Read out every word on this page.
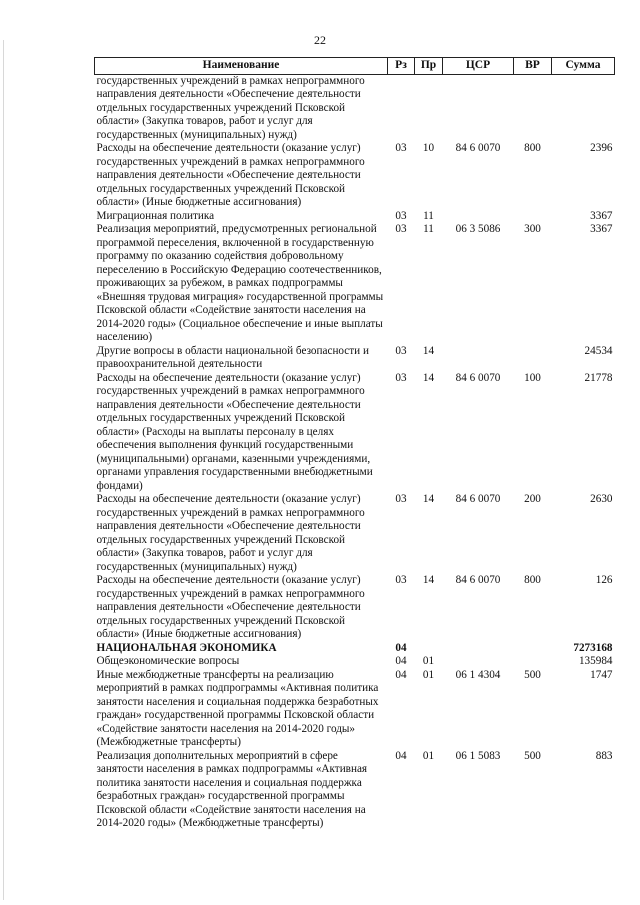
22
Наименование	Рз	Пр	ЦСР	ВР	Сумма
государственных учреждений в рамках непрограммного направления деятельности «Обеспечение деятельности отдельных государственных учреждений Псковской области» (Закупка товаров, работ и услуг для государственных (муниципальных) нужд)					
Расходы на обеспечение деятельности (оказание услуг) государственных учреждений в рамках непрограммного направления деятельности «Обеспечение деятельности отдельных государственных учреждений Псковской области» (Иные бюджетные ассигнования)	03	10	84 6 0070	800	2396
Миграционная политика	03	11			3367
Реализация мероприятий, предусмотренных региональной программой переселения, включенной в государственную программу по оказанию содействия добровольному переселению в Российскую Федерацию соотечественников, проживающих за рубежом, в рамках подпрограммы «Внешняя трудовая миграция» государственной программы Псковской области «Содействие занятости населения на 2014-2020 годы» (Социальное обеспечение и иные выплаты населению)	03	11	06 3 5086	300	3367
Другие вопросы в области национальной безопасности и правоохранительной деятельности	03	14			24534
Расходы на обеспечение деятельности (оказание услуг) государственных учреждений в рамках непрограммного направления деятельности «Обеспечение деятельности отдельных государственных учреждений Псковской области» (Расходы на выплаты персоналу в целях обеспечения выполнения функций государственными (муниципальными) органами, казенными учреждениями, органами управления государственными внебюджетными фондами)	03	14	84 6 0070	100	21778
Расходы на обеспечение деятельности (оказание услуг) государственных учреждений в рамках непрограммного направления деятельности «Обеспечение деятельности отдельных государственных учреждений Псковской области» (Закупка товаров, работ и услуг для государственных (муниципальных) нужд)	03	14	84 6 0070	200	2630
Расходы на обеспечение деятельности (оказание услуг) государственных учреждений в рамках непрограммного направления деятельности «Обеспечение деятельности отдельных государственных учреждений Псковской области» (Иные бюджетные ассигнования)	03	14	84 6 0070	800	126
НАЦИОНАЛЬНАЯ ЭКОНОМИКА	04				7273168
Общеэкономические вопросы	04	01			135984
Иные межбюджетные трансферты на реализацию мероприятий в рамках подпрограммы «Активная политика занятости населения и социальная поддержка безработных граждан» государственной программы Псковской области «Содействие занятости населения на 2014-2020 годы» (Межбюджетные трансферты)	04	01	06 1 4304	500	1747
Реализация дополнительных мероприятий в сфере занятости населения в рамках подпрограммы «Активная политика занятости населения и социальная поддержка безработных граждан» государственной программы Псковской области «Содействие занятости населения на 2014-2020 годы» (Межбюджетные трансферты)	04	01	06 1 5083	500	883
